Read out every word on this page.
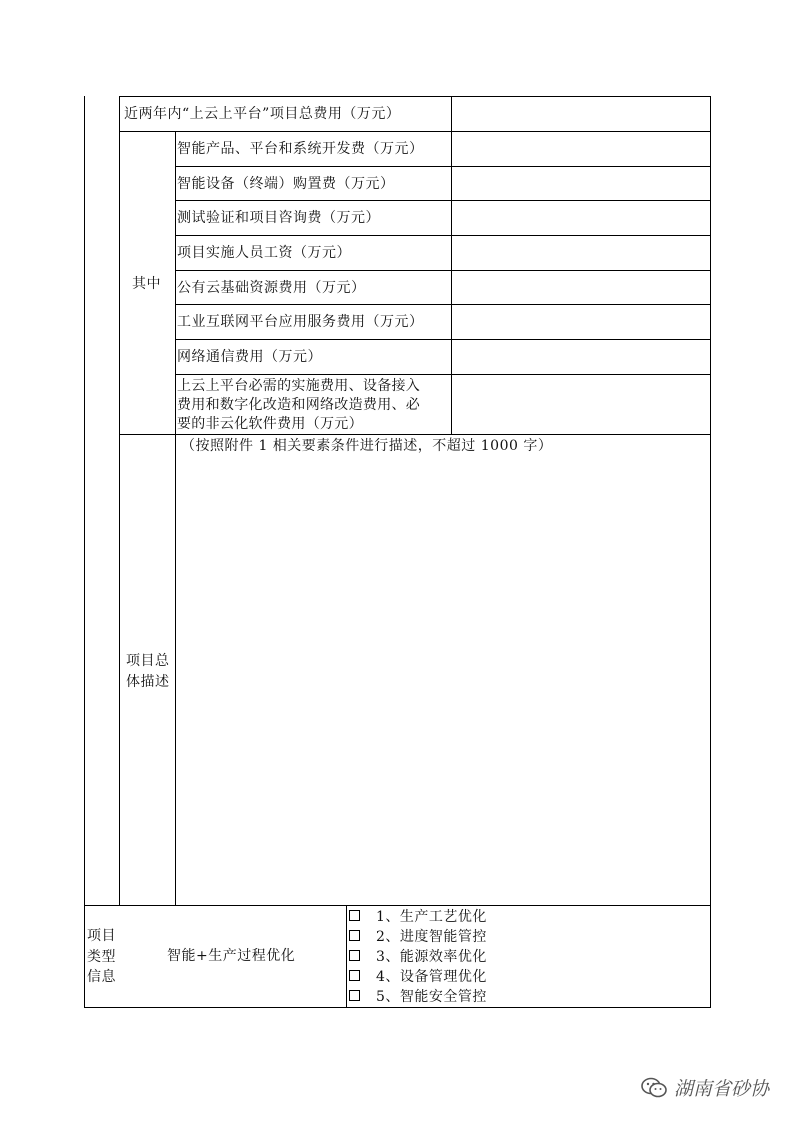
近两年内“上云上平台”项目总费用（万元）
其中
智能产品、平台和系统开发费（万元）
智能设备（终端）购置费（万元）
测试验证和项目咨询费（万元）
项目实施人员工资（万元）
公有云基础资源费用（万元）
工业互联网平台应用服务费用（万元）
网络通信费用（万元）
上云上平台必需的实施费用、设备接入
费用和数字化改造和网络改造费用、必
要的非云化软件费用（万元）
项目总
体描述
（按照附件 1 相关要素条件进行描述，不超过 1000 字）
项目
类型
信息
智能+生产过程优化
1、生产工艺优化
2、进度智能管控
3、能源效率优化
4、设备管理优化
5、智能安全管控
湖南省砂协
